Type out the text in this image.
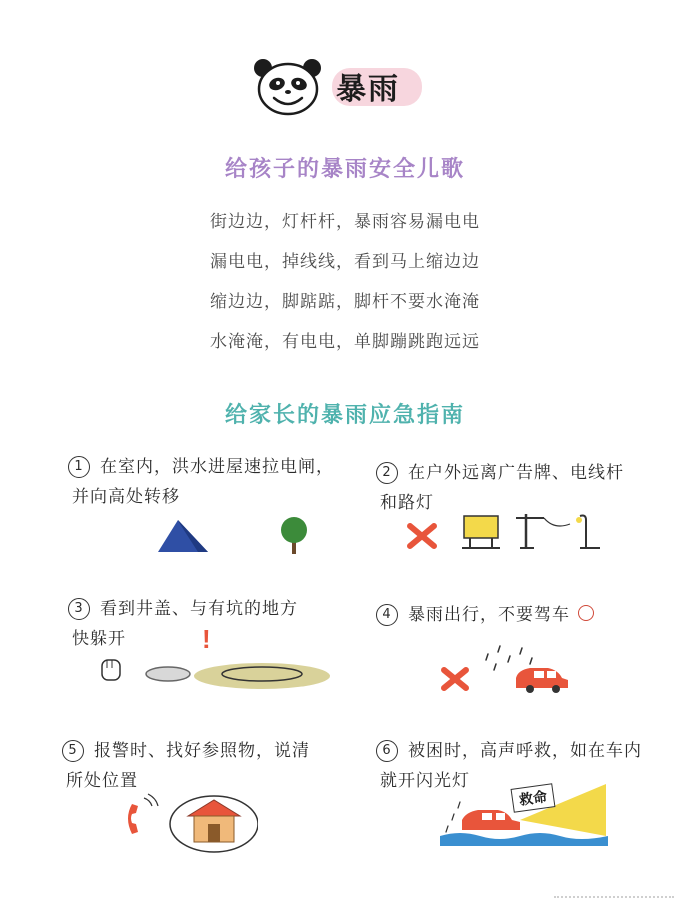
暴雨
给孩子的暴雨安全儿歌
街边边，灯杆杆，暴雨容易漏电电
漏电电，掉线线，看到马上缩边边
缩边边，脚踮踮，脚杆不要水淹淹
水淹淹，有电电，单脚蹦跳跑远远
给家长的暴雨应急指南
1 在室内，洪水进屋速拉电闸，
并向高处转移
2 在户外远离广告牌、电线杆
和路灯
3 看到井盖、与有坑的地方
快躲开	!
4 暴雨出行，不要驾车
5 报警时、找好参照物，说清
所处位置
6 被困时，高声呼救，如在车内
就开闪光灯
救命
